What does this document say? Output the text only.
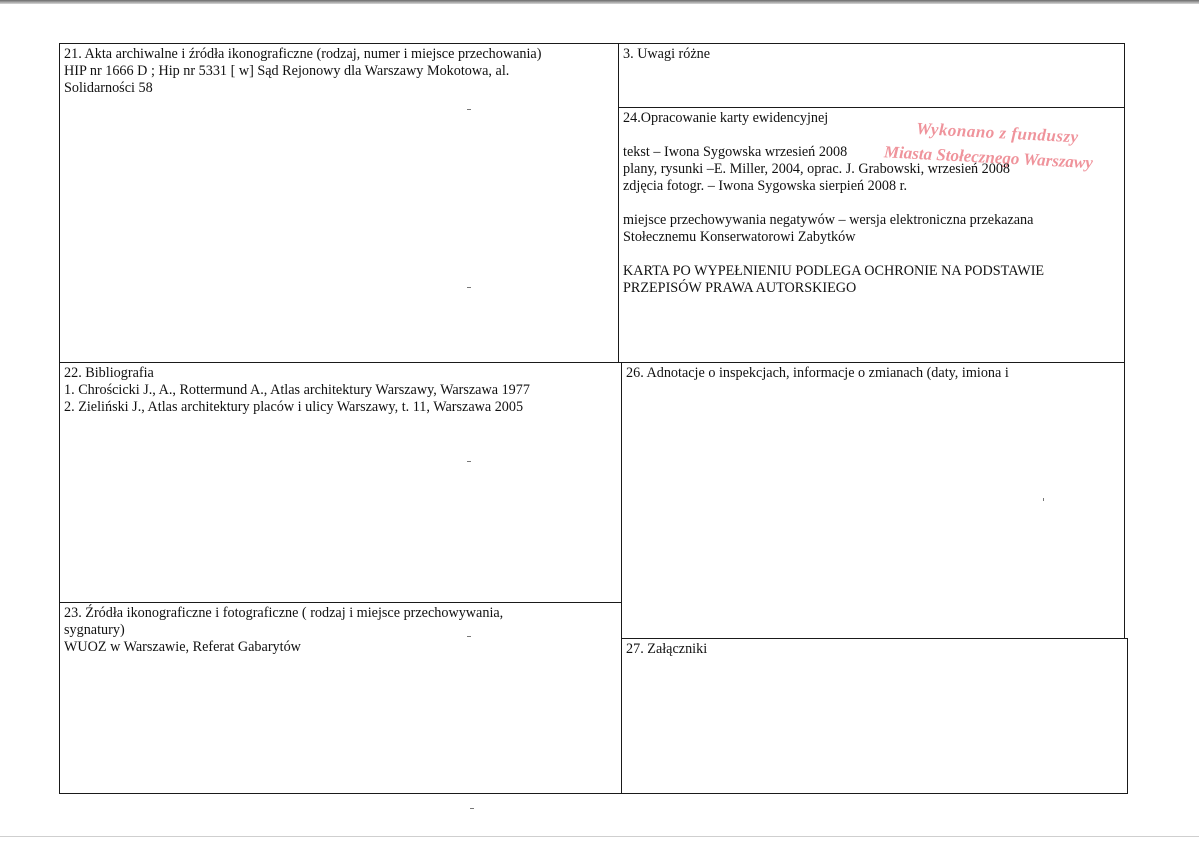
21. Akta archiwalne i źródła ikonograficzne (rodzaj, numer i miejsce przechowania)

HIP nr 1666 D ; Hip nr 5331 [ w] Sąd Rejonowy dla Warszawy Mokotowa, al.

Solidarności 58

3. Uwagi różne

24.Opracowanie karty ewidencyjnej

tekst – Iwona Sygowska wrzesień 2008

plany, rysunki –E. Miller, 2004, oprac. J. Grabowski, wrzesień 2008

zdjęcia fotogr. – Iwona Sygowska sierpień 2008 r.

miejsce przechowywania negatywów – wersja elektroniczna przekazana

Stołecznemu Konserwatorowi Zabytków

KARTA PO WYPEŁNIENIU PODLEGA OCHRONIE NA PODSTAWIE

PRZEPISÓW PRAWA AUTORSKIEGO

Wykonano z funduszy
Miasta Stołecznego Warszawy

22. Bibliografia

1. Chrościcki J., A., Rottermund A., Atlas architektury Warszawy, Warszawa 1977

2. Zieliński J., Atlas architektury placów i ulicy Warszawy, t. 11, Warszawa 2005

26. Adnotacje o inspekcjach, informacje o zmianach (daty, imiona i

23. Źródła ikonograficzne i fotograficzne ( rodzaj i miejsce przechowywania,

sygnatury)

WUOZ w Warszawie, Referat Gabarytów	27. Załączniki
